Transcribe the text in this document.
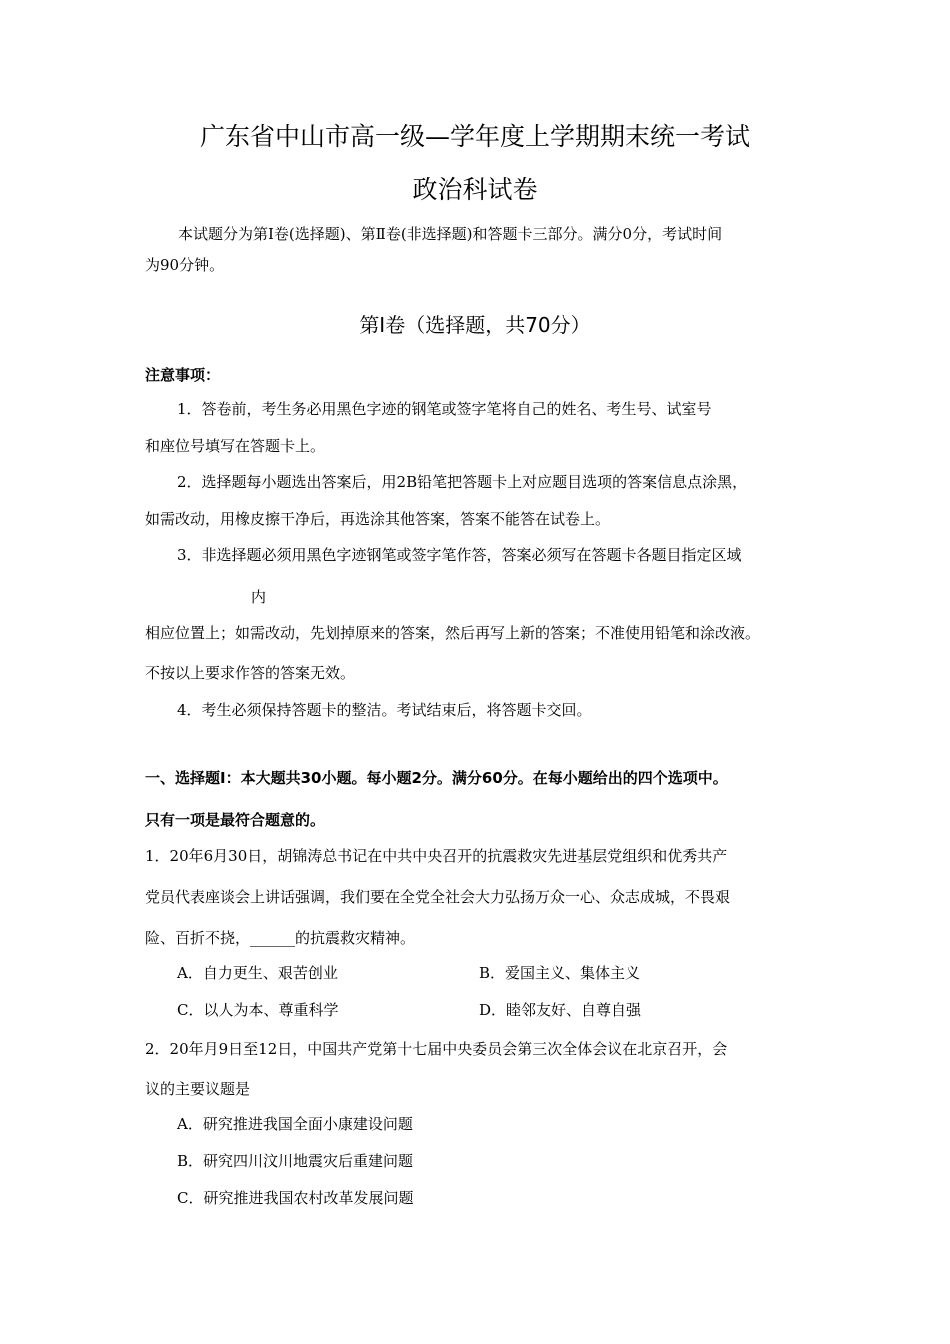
广东省中山市高一级—学年度上学期期末统一考试
政治科试卷
本试题分为第Ⅰ卷(选择题)、第Ⅱ卷(非选择题)和答题卡三部分。满分0分，考试时间
为90分钟。
第Ⅰ卷（选择题，共70分）
注意事项：
1．答卷前，考生务必用黑色字迹的钢笔或签字笔将自己的姓名、考生号、试室号
和座位号填写在答题卡上。
2．选择题每小题选出答案后，用2B铅笔把答题卡上对应题目选项的答案信息点涂黑，
如需改动，用橡皮擦干净后，再选涂其他答案，答案不能答在试卷上。
3．非选择题必须用黑色字迹钢笔或签字笔作答，答案必须写在答题卡各题目指定区域
内
相应位置上；如需改动，先划掉原来的答案，然后再写上新的答案；不准使用铅笔和涂改液。
不按以上要求作答的答案无效。
4．考生必须保持答题卡的整洁。考试结束后，将答题卡交回。
一、选择题Ⅰ：本大题共30小题。每小题2分。满分60分。在每小题给出的四个选项中。
只有一项是最符合题意的。
1．20年6月30日，胡锦涛总书记在中共中央召开的抗震救灾先进基层党组织和优秀共产
党员代表座谈会上讲话强调，我们要在全党全社会大力弘扬万众一心、众志成城，不畏艰
险、百折不挠，______的抗震救灾精神。
A．自力更生、艰苦创业	B．爱国主义、集体主义
C．以人为本、尊重科学	D．睦邻友好、自尊自强
2．20年月9日至12日，中国共产党第十七届中央委员会第三次全体会议在北京召开，会
议的主要议题是
A．研究推进我国全面小康建设问题
B．研究四川汶川地震灾后重建问题
C．研究推进我国农村改革发展问题
